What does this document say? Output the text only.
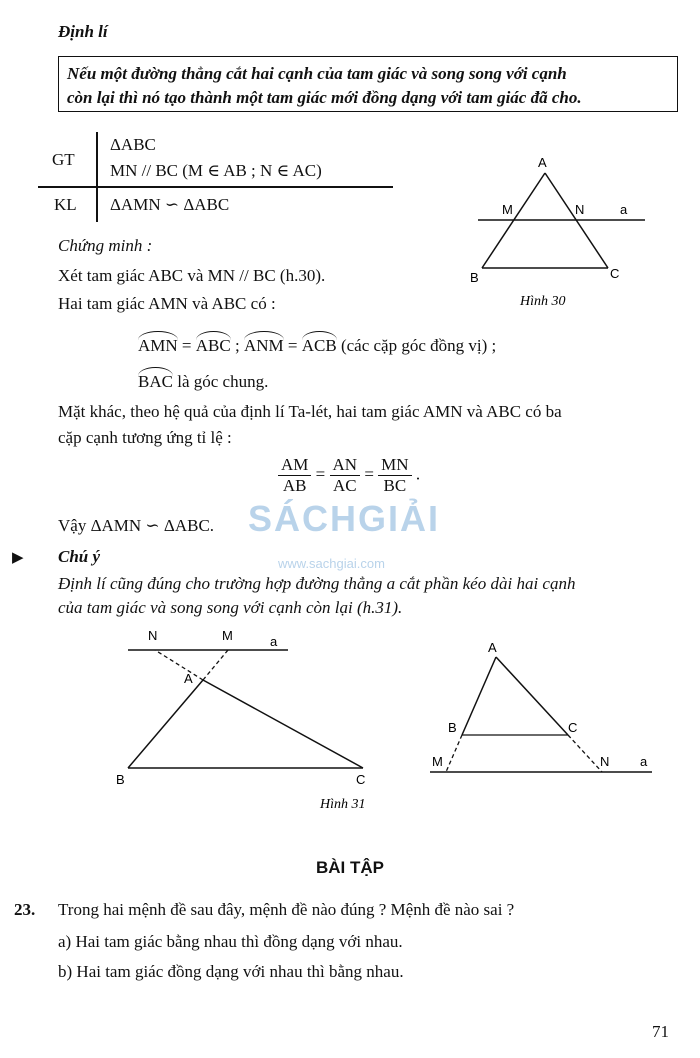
Định lí
Nếu một đường thẳng cắt hai cạnh của tam giác và song song với cạnh
còn lại thì nó tạo thành một tam giác mới đồng dạng với tam giác đã cho.
GT
ΔABC
MN // BC (M ∈ AB ; N ∈ AC)
KL ΔAMN ∽ ΔABC
A
M	N	a
B	C
Hình 30
Chứng minh :
Xét tam giác ABC và MN // BC (h.30).
Hai tam giác AMN và ABC có :
AMN = ABC ; ANM = ACB (các cặp góc đồng vị) ;
BAC là góc chung.
Mặt khác, theo hệ quả của định lí Ta-lét, hai tam giác AMN và ABC có ba
cặp cạnh tương ứng tỉ lệ :
$\frac{AM}{AB} = \frac{AN}{AC} = \frac{MN}{BC}$ .
Vậy ΔAMN ∽ ΔABC. SÁCHGIẢI
www.sachgiai.com
▶ Chú ý
Định lí cũng đúng cho trường hợp đường thẳng a cắt phần kéo dài hai cạnh
của tam giác và song song với cạnh còn lại (h.31).
N	M	a
A
B	C
Hình 31
A
B	C
M	N a
BÀI TẬP
23. Trong hai mệnh đề sau đây, mệnh đề nào đúng ? Mệnh đề nào sai ?
a) Hai tam giác bằng nhau thì đồng dạng với nhau.
b) Hai tam giác đồng dạng với nhau thì bằng nhau.
71
